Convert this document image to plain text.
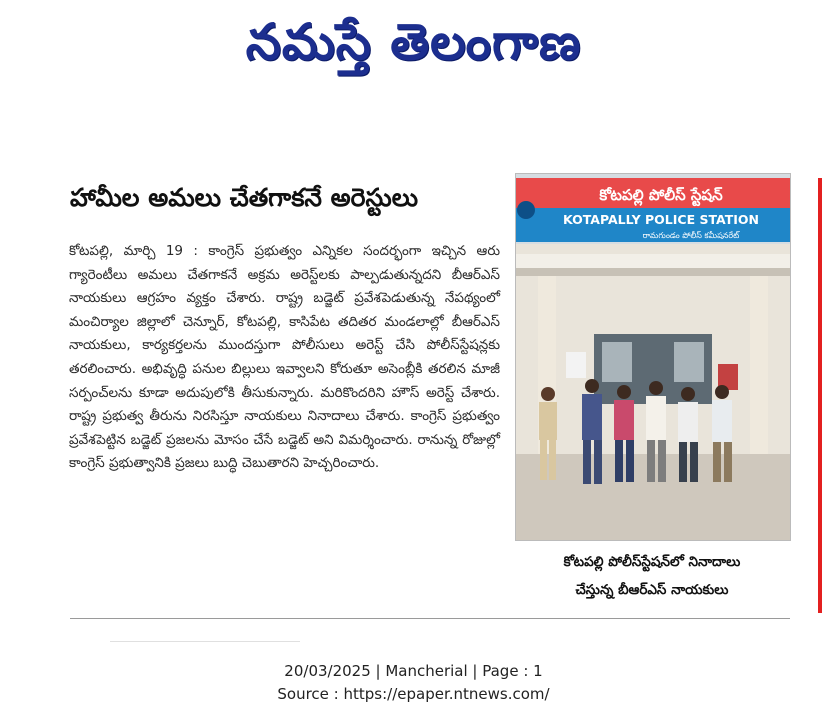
నమస్తే తెలంగాణ
హామీల అమలు చేతగాకనే అరెస్టులు
కోటపల్లి, మార్చి 19 : కాంగ్రెస్ ప్రభుత్వం ఎన్నికల సందర్భంగా ఇచ్చిన ఆరు గ్యారెంటీలు అమలు చేతగాకనే అక్రమ అరెస్ట్‌లకు పాల్పడుతున్నదని బీఆర్ఎస్ నాయకులు ఆగ్రహం వ్యక్తం చేశారు. రాష్ట్ర బడ్జెట్ ప్రవేశపెడుతున్న నేపథ్యంలో మంచిర్యాల జిల్లాలో చెన్నూర్, కోటపల్లి, కాసిపేట తదితర మండలాల్లో బీఆర్ఎస్ నాయకులు, కార్యకర్తలను ముందస్తుగా పోలీసులు అరెస్ట్ చేసి పోలీస్‌స్టేషన్లకు తరలించారు. అభివృద్ధి పనుల బిల్లులు ఇవ్వాలని కోరుతూ అసెంబ్లీకి తరలిన మాజీ సర్పంచ్‌లను కూడా అదుపులోకి తీసుకున్నారు. మరికొందరిని హౌస్ అరెస్ట్ చేశారు. రాష్ట్ర ప్రభుత్వ తీరును నిరసిస్తూ నాయకులు నినాదాలు చేశారు. కాంగ్రెస్ ప్రభుత్వం ప్రవేశపెట్టిన బడ్జెట్ ప్రజలను మోసం చేసే బడ్జెట్ అని విమర్శించారు. రానున్న రోజుల్లో కాంగ్రెస్ ప్రభుత్వానికి ప్రజలు బుద్ధి చెబుతారని హెచ్చరించారు.
కోటపల్లి పోలీస్ స్టేషన్
KOTAPALLY POLICE STATION
రామగుండం పోలీస్ కమీషనరేట్
కోటపల్లి పోలీస్‌స్టేషన్‌లో నినాదాలు
చేస్తున్న బీఆర్ఎస్ నాయకులు
20/03/2025 | Mancherial | Page : 1
Source : https://epaper.ntnews.com/
